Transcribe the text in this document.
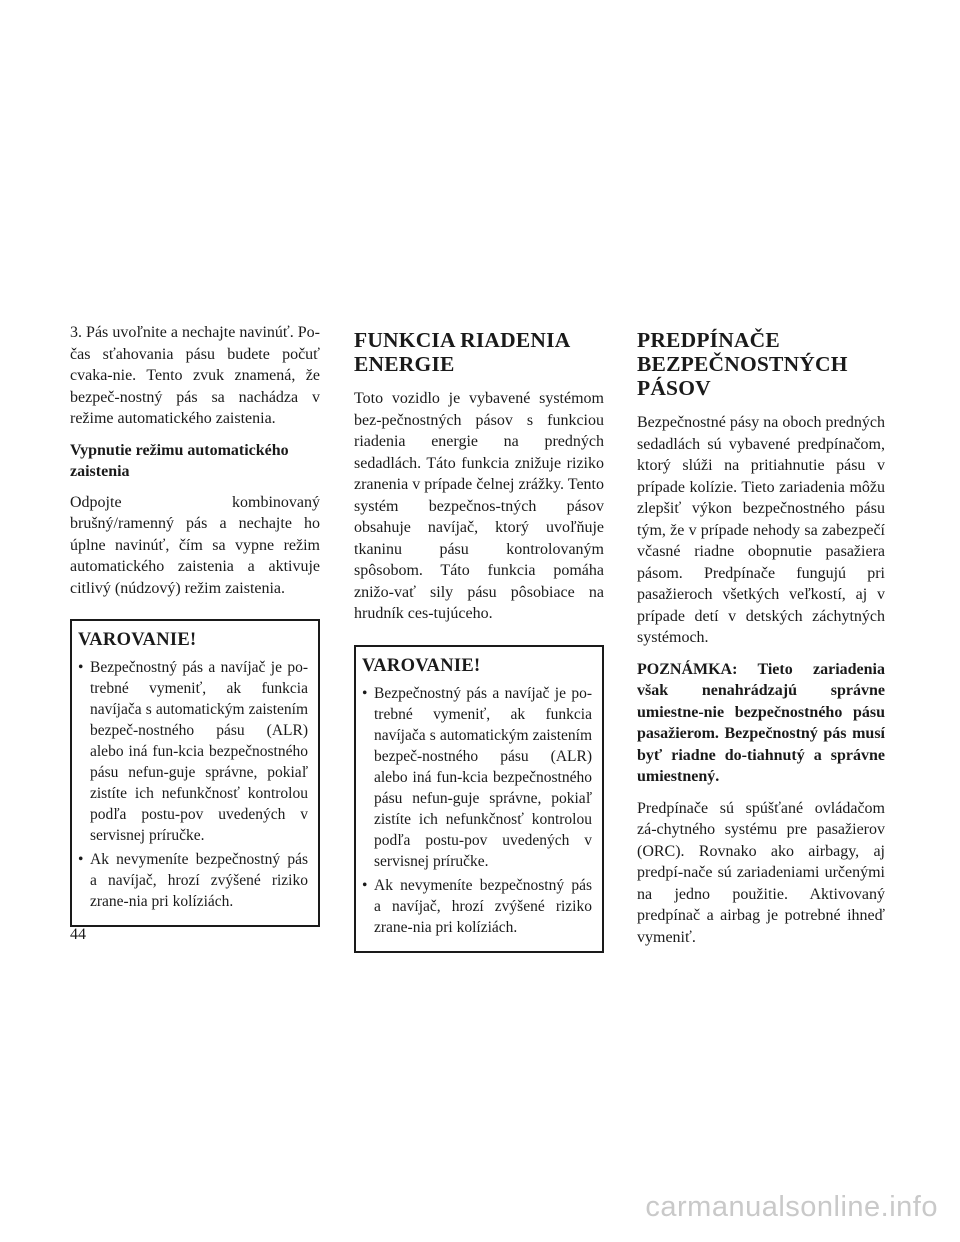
3. Pás uvoľnite a nechajte navinúť. Po-čas sťahovania pásu budete počuť cvaka-nie. Tento zvuk znamená, že bezpeč-nostný pás sa nachádza v režime automatického zaistenia.

Vypnutie režimu automatického zaistenia

Odpojte kombinovaný brušný/ramenný pás a nechajte ho úplne navinúť, čím sa vypne režim automatického zaistenia a aktivuje citlivý (núdzový) režim zaistenia.

VAROVANIE!
• Bezpečnostný pás a navíjač je po-trebné vymeniť, ak funkcia navíjača s automatickým zaistením bezpeč-nostného pásu (ALR) alebo iná fun-kcia bezpečnostného pásu nefun-guje správne, pokiaľ zistíte ich nefunkčnosť kontrolou podľa postu-pov uvedených v servisnej príručke.
• Ak nevymeníte bezpečnostný pás a navíjač, hrozí zvýšené riziko zrane-nia pri kolíziách.
FUNKCIA RIADENIA ENERGIE

Toto vozidlo je vybavené systémom bez-pečnostných pásov s funkciou riadenia energie na predných sedadlách. Táto funkcia znižuje riziko zranenia v prípade čelnej zrážky. Tento systém bezpečnos-tných pásov obsahuje navíjač, ktorý uvoľňuje tkaninu pásu kontrolovaným spôsobom. Táto funkcia pomáha znižo-vať sily pásu pôsobiace na hrudník ces-tujúceho.

VAROVANIE!
• Bezpečnostný pás a navíjač je po-trebné vymeniť, ak funkcia navíjača s automatickým zaistením bezpeč-nostného pásu (ALR) alebo iná fun-kcia bezpečnostného pásu nefun-guje správne, pokiaľ zistíte ich nefunkčnosť kontrolou podľa postu-pov uvedených v servisnej príručke.
• Ak nevymeníte bezpečnostný pás a navíjač, hrozí zvýšené riziko zrane-nia pri kolíziách.
PREDPÍNAČE BEZPEČNOSTNÝCH PÁSOV

Bezpečnostné pásy na oboch predných sedadlách sú vybavené predpínačom, ktorý slúži na pritiahnutie pásu v prípade kolízie. Tieto zariadenia môžu zlepšiť výkon bezpečnostného pásu tým, že v prípade nehody sa zabezpečí včasné riadne obopnutie pasažiera pásom. Predpínače fungujú pri pasažieroch všetkých veľkostí, aj v prípade detí v detských záchytných systémoch.

POZNÁMKA: Tieto zariadenia však nenahrádzajú správne umiestne-nie bezpečnostného pásu pasažierom. Bezpečnostný pás musí byť riadne do-tiahnutý a správne umiestnený.

Predpínače sú spúšťané ovládačom zá-chytného systému pre pasažierov (ORC). Rovnako ako airbagy, aj predpí-nače sú zariadeniami určenými na jedno použitie. Aktivovaný predpínač a airbag je potrebné ihneď vymeniť.

44
carmanualsonline.info
